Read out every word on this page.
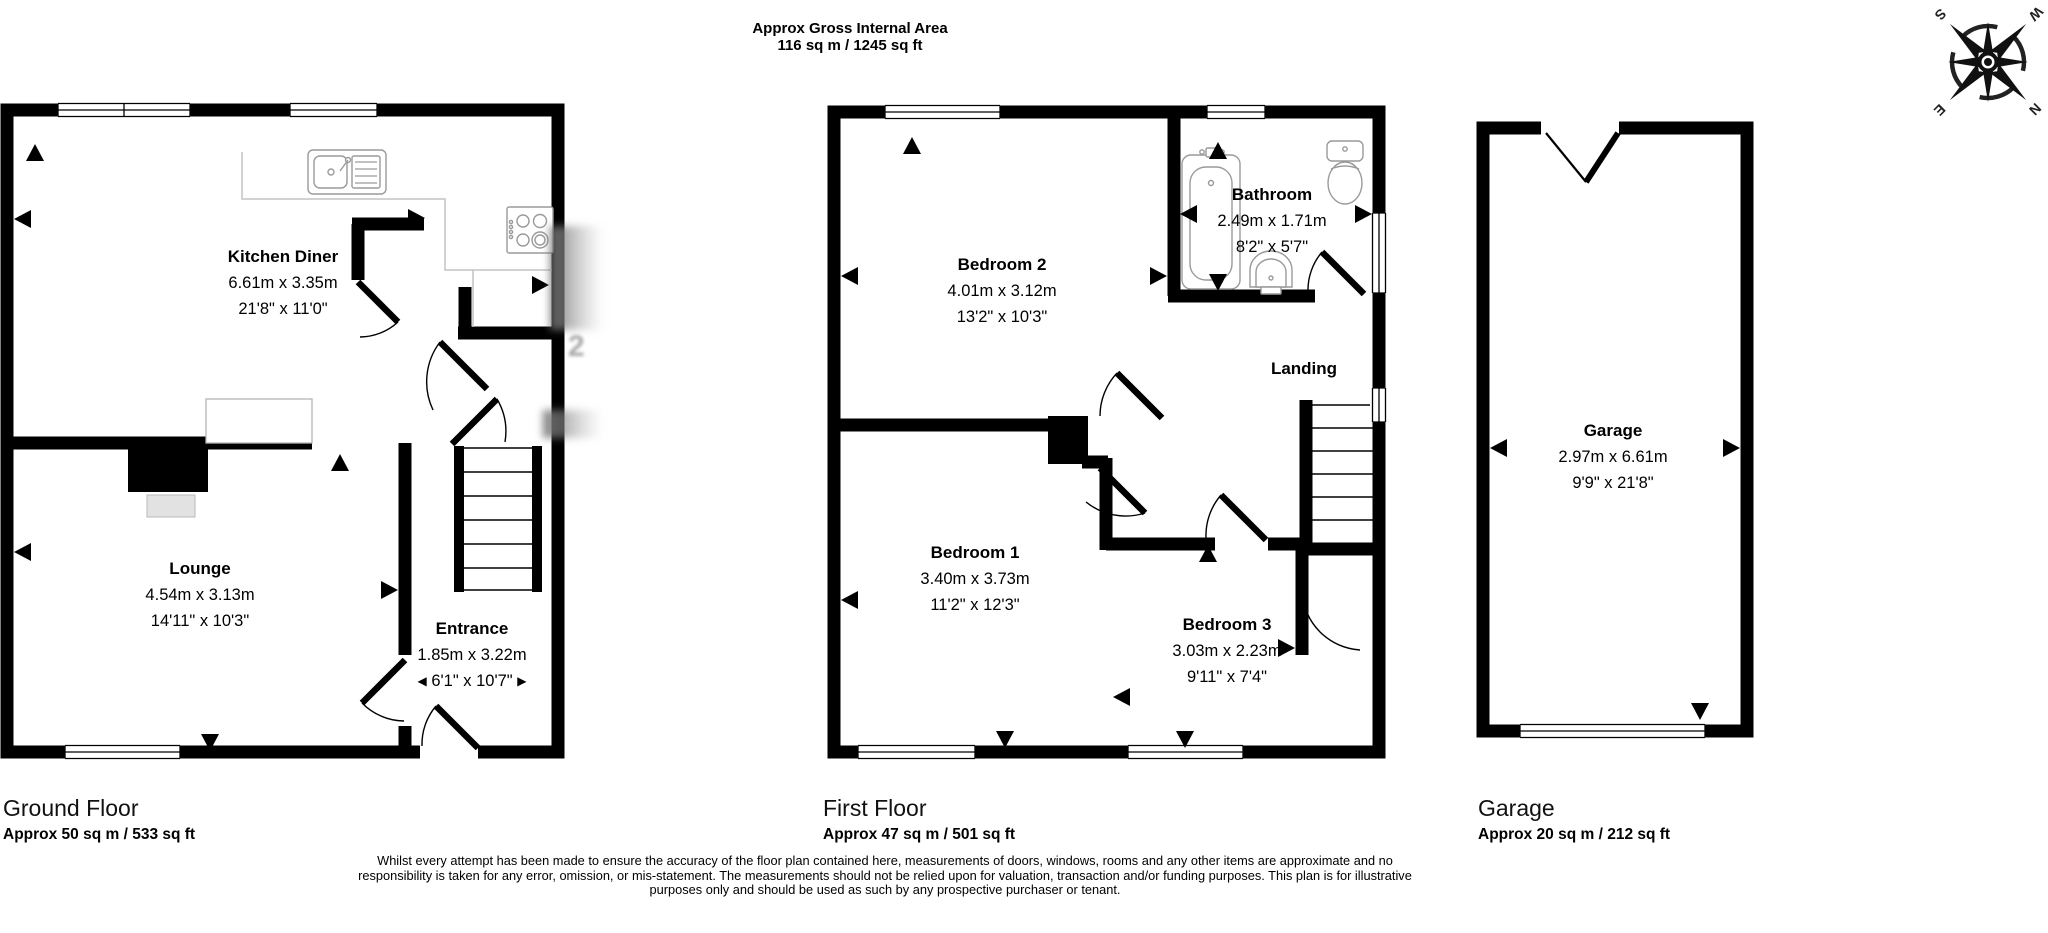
N
S
E
W
2
Approx Gross Internal Area
116 sq m / 1245 sq ft
Kitchen Diner
6.61m x 3.35m
21'8" x 11'0"
Lounge
4.54m x 3.13m
14'11" x 10'3"	Entrance
1.85m x 3.22m
◀ 6'1" x 10'7" ▶
Bedroom 2
4.01m x 3.12m
13'2" x 10'3"
Bathroom
2.49m x 1.71m
8'2" x 5'7"
Landing
Bedroom 1
3.40m x 3.73m
11'2" x 12'3"
Bedroom 3
3.03m x 2.23m
9'11" x 7'4"
Garage
2.97m x 6.61m
9'9" x 21'8"
Ground Floor
Approx 50 sq m / 533 sq ft
First Floor
Approx 47 sq m / 501 sq ft
Garage
Approx 20 sq m / 212 sq ft
Whilst every attempt has been made to ensure the accuracy of the floor plan contained here, measurements of doors, windows, rooms and any other items are approximate and no responsibility is taken for any error, omission, or mis-statement. The measurements should not be relied upon for valuation, transaction and/or funding purposes. This plan is for illustrative purposes only and should be used as such by any prospective purchaser or tenant.
